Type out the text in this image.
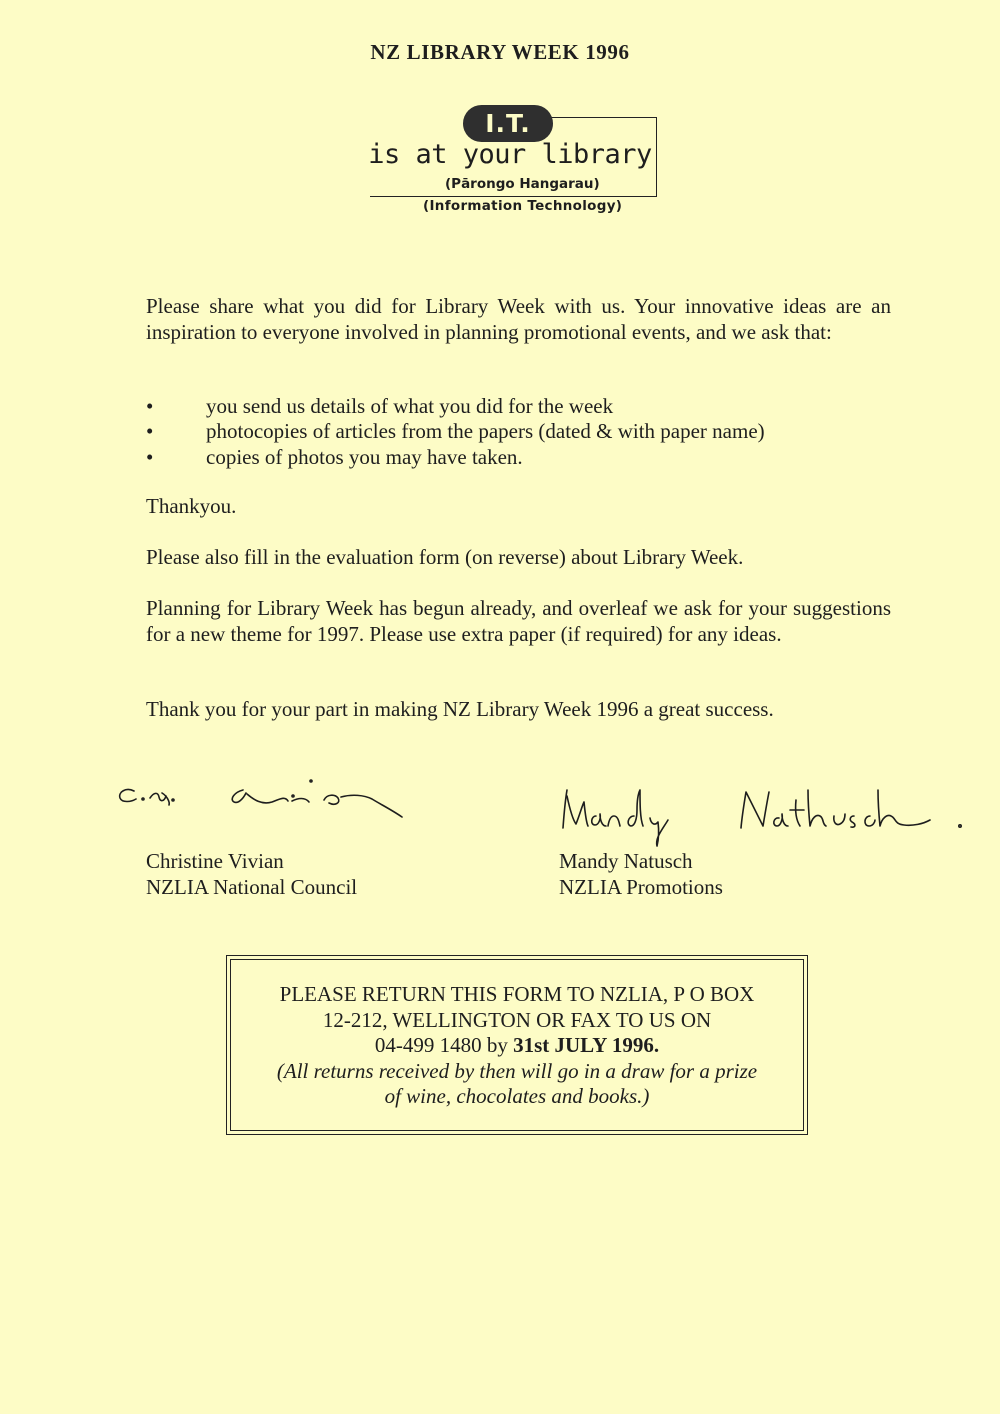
NZ LIBRARY WEEK 1996
I.T.
is at your library
(Pārongo Hangarau)
(Information Technology)
Please share what you did for Library Week with us. Your innovative ideas are an inspiration to everyone involved in planning promotional events, and we ask that:
•	you send us details of what you did for the week
•	photocopies of articles from the papers (dated & with paper name)
•	copies of photos you may have taken.
Thankyou.
Please also fill in the evaluation form (on reverse) about Library Week.
Planning for Library Week has begun already, and overleaf we ask for your suggestions for a new theme for 1997. Please use extra paper (if required) for any ideas.
Thank you for your part in making NZ Library Week 1996 a great success.
Christine Vivian
NZLIA National Council
Mandy Natusch
NZLIA Promotions
PLEASE RETURN THIS FORM TO NZLIA, P O BOX
12-212, WELLINGTON OR FAX TO US ON
04-499 1480 by 31st JULY 1996.
(All returns received by then will go in a draw for a prize
of wine, chocolates and books.)
